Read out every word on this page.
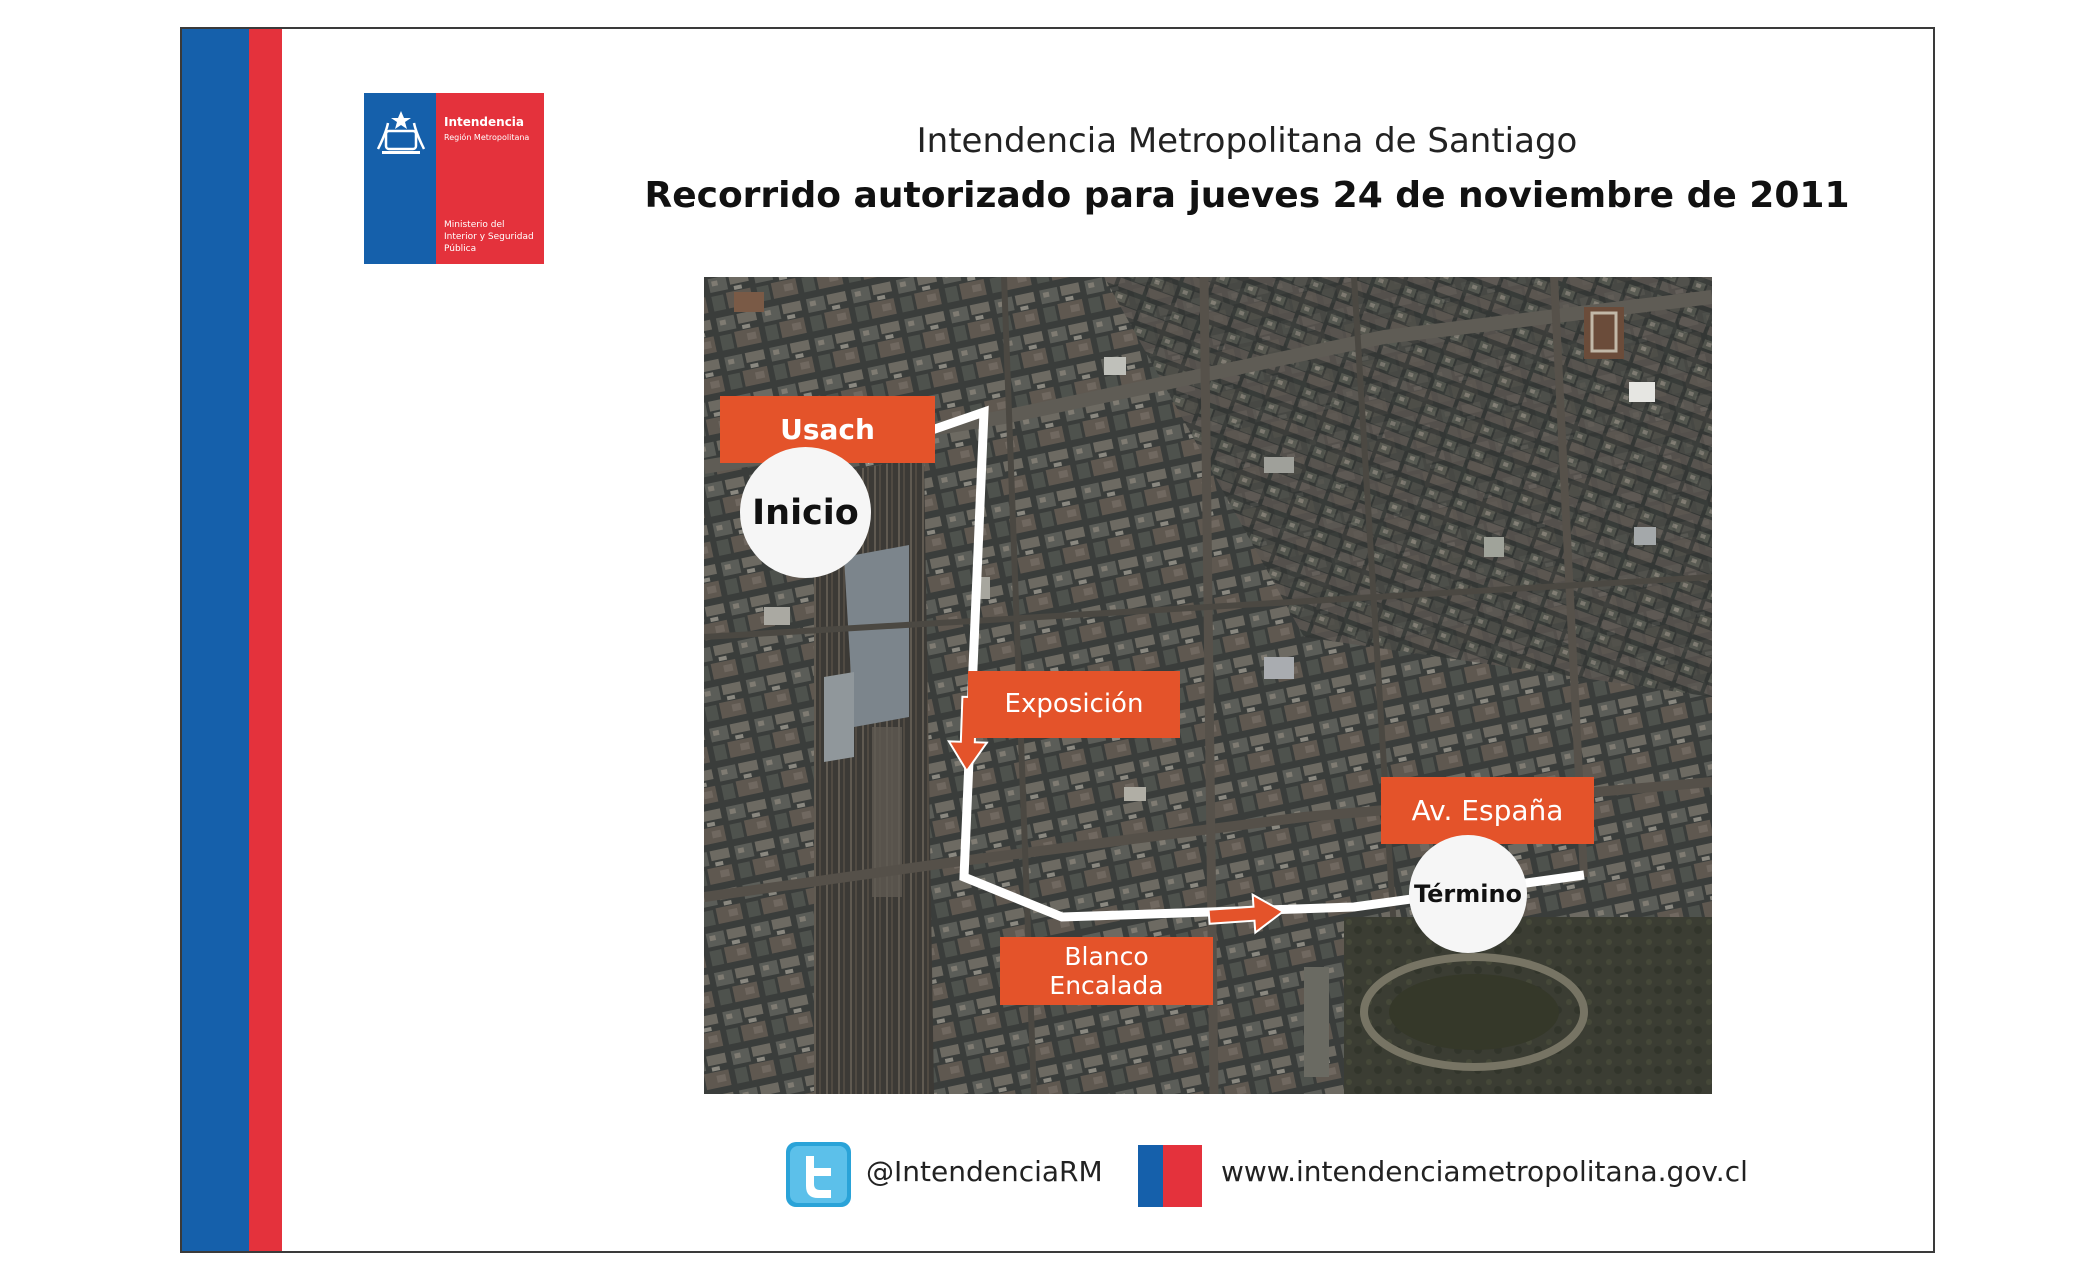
Intendencia
Región Metropolitana
Ministerio del Interior y Seguridad Pública
Intendencia Metropolitana de Santiago
Recorrido autorizado para jueves 24 de noviembre de 2011
Usach
Inicio
Exposición
Av. España
Término
Blanco
Encalada
@IntendenciaRM	www.intendenciametropolitana.gov.cl
